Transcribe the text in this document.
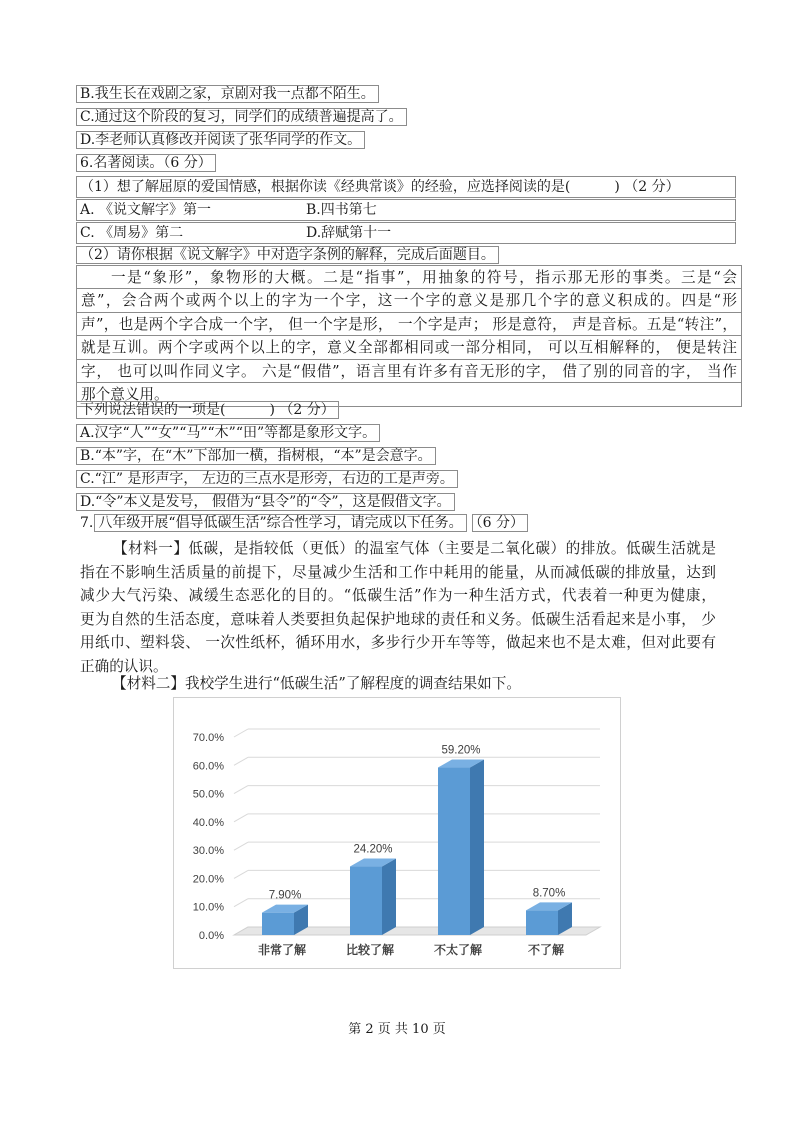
B.我生长在戏剧之家，京剧对我一点都不陌生。
C.通过这个阶段的复习，同学们的成绩普遍提高了。
D.李老师认真修改并阅读了张华同学的作文。
6.名著阅读。（6 分）
（1）想了解屈原的爱国情感，根据你读《经典常谈》的经验，应选择阅读的是(	) （2 分）
A. 《说文解字》第一	B.四书第七
C. 《周易》第二	D.辞赋第十一
（2）请你根据《说文解字》中对造字条例的解释，完成后面题目。
一是“象形”，象物形的大概。二是“指事”，用抽象的符号，指示那无形的事类。三是“会
意”，会合两个或两个以上的字为一个字，这一个字的意义是那几个字的意义积成的。四是“形
声”，也是两个字合成一个字， 但一个字是形， 一个字是声； 形是意符， 声是音标。五是“转注”，
就是互训。两个字或两个以上的字，意义全部都相同或一部分相同， 可以互相解释的， 便是转注
字， 也可以叫作同义字。 六是“假借”，语言里有许多有音无形的字， 借了别的同音的字， 当作
那个意义用。
下列说法错误的一项是(	) （2 分）
A.汉字“人”“女”“马”“木”“田”等都是象形文字。
B.“本”字，在“木”下部加一横，指树根，“本”是会意字。
C.“江” 是形声字， 左边的三点水是形旁，右边的工是声旁。
D.“令”本义是发号， 假借为“县令”的“令”，这是假借文字。
7. 八年级开展“倡导低碳生活”综合性学习，请完成以下任务。 （6 分）
【材料一】低碳，是指较低（更低）的温室气体（主要是二氧化碳）的排放。低碳生活就是
指在不影响生活质量的前提下，尽量减少生活和工作中耗用的能量，从而减低碳的排放量，达到
减少大气污染、减缓生态恶化的目的。“低碳生活”作为一种生活方式，代表着一种更为健康，
更为自然的生活态度，意味着人类要担负起保护地球的责任和义务。低碳生活看起来是小事， 少
用纸巾、塑料袋、 一次性纸杯，循环用水，多步行少开车等等，做起来也不是太难，但对此要有
正确的认识。
【材料二】我校学生进行“低碳生活”了解程度的调查结果如下。
0.0%
10.0%
20.0%
30.0%
40.0%
50.0%
60.0%
70.0%
7.90%
非常了解
24.20%
比较了解
59.20%
不太了解
8.70%
不了解
第 2 页 共 10 页
